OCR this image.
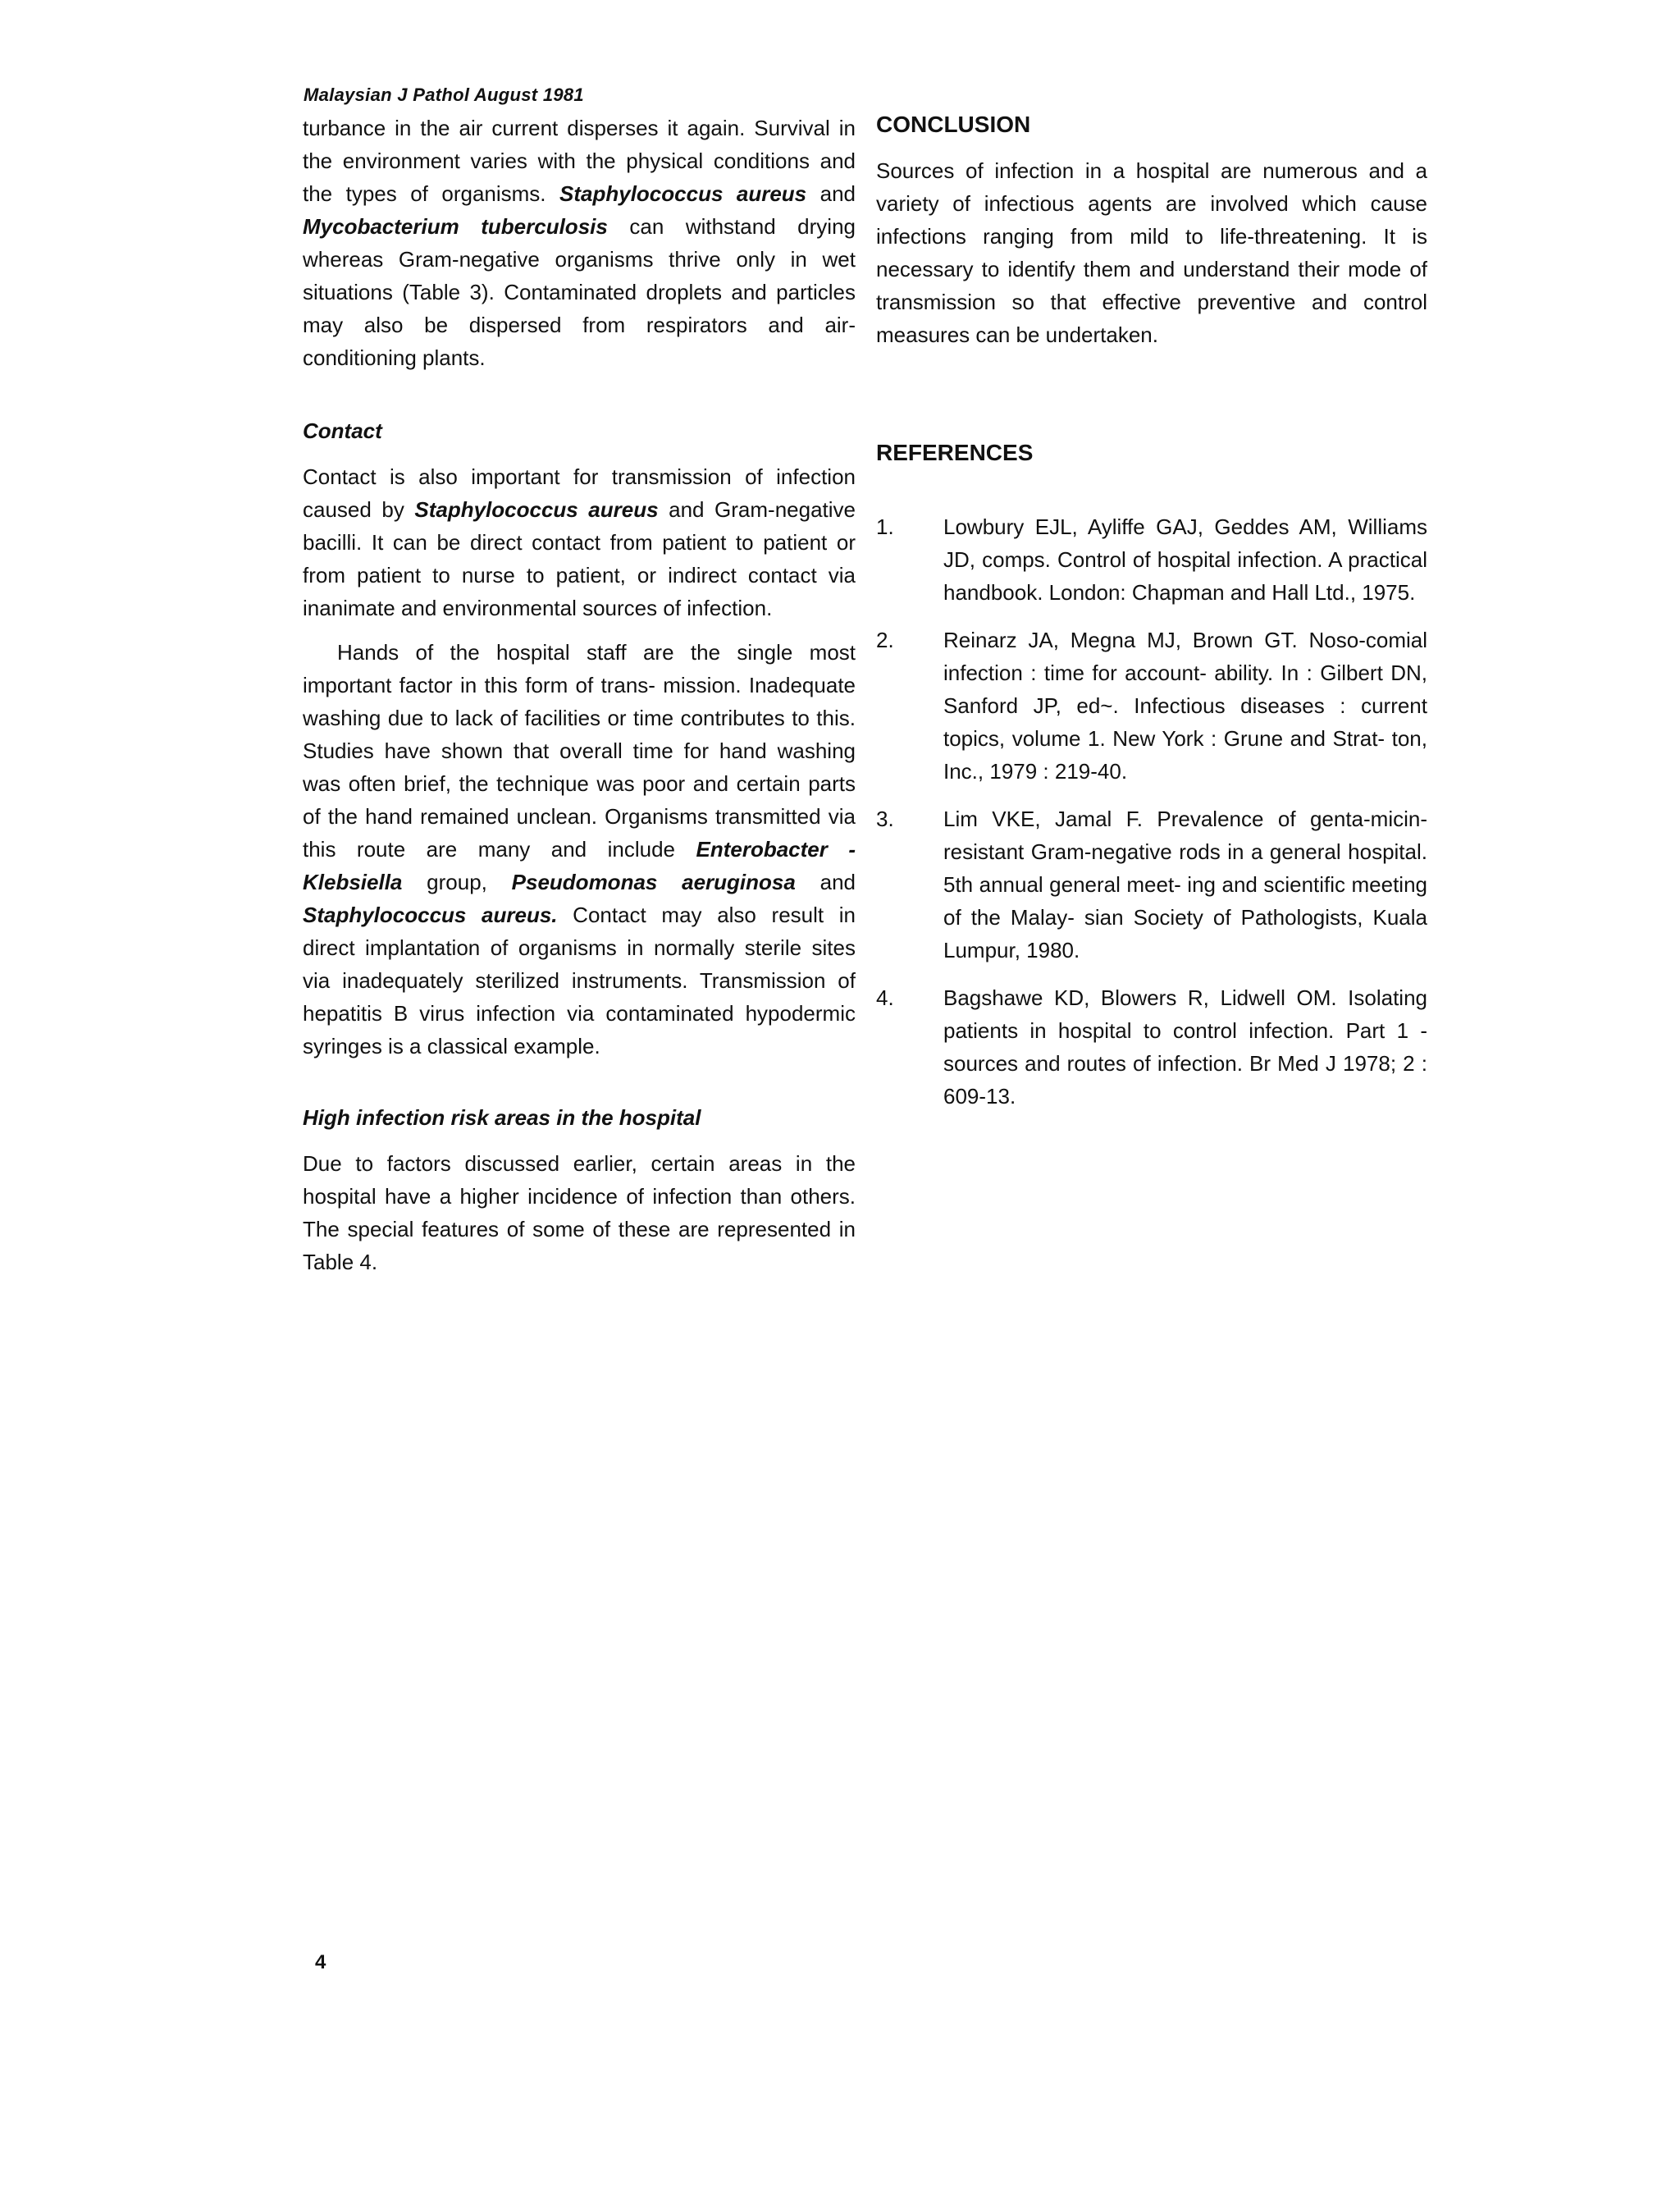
Malaysian J Pathol August 1981

turbance in the air current disperses it again. Survival in the environment varies with the physical conditions and the types of organisms. Staphylococcus aureus and Mycobacterium tuberculosis can withstand drying whereas Gram-negative organisms thrive only in wet situations (Table 3). Contaminated droplets and particles may also be dispersed from respirators and air-conditioning plants.

Contact

Contact is also important for transmission of infection caused by Staphylococcus aureus and Gram-negative bacilli. It can be direct contact from patient to patient or from patient to nurse to patient, or indirect contact via inanimate and environmental sources of infection.

Hands of the hospital staff are the single most important factor in this form of trans- mission. Inadequate washing due to lack of facilities or time contributes to this. Studies have shown that overall time for hand washing was often brief, the technique was poor and certain parts of the hand remained unclean. Organisms transmitted via this route are many and include Enterobacter - Klebsiella group, Pseudomonas aeruginosa and Staphylococcus aureus. Contact may also result in direct implantation of organisms in normally sterile sites via inadequately sterilized instruments. Transmission of hepatitis B virus infection via contaminated hypodermic syringes is a classical example.

High infection risk areas in the hospital

Due to factors discussed earlier, certain areas in the hospital have a higher incidence of infection than others. The special features of some of these are represented in Table 4.

CONCLUSION

Sources of infection in a hospital are numerous and a variety of infectious agents are involved which cause infections ranging from mild to life-threatening. It is necessary to identify them and understand their mode of transmission so that effective preventive and control measures can be undertaken.

REFERENCES
1.	Lowbury EJL, Ayliffe GAJ, Geddes AM, Williams JD, comps. Control of hospital infection. A practical handbook. London: Chapman and Hall Ltd., 1975.
2.	Reinarz JA, Megna MJ, Brown GT. Noso-comial infection : time for account- ability. In : Gilbert DN, Sanford JP, ed~. Infectious diseases : current topics, volume 1. New York : Grune and Strat- ton, Inc., 1979 : 219-40.
3.	Lim VKE, Jamal F. Prevalence of genta-micin-resistant Gram-negative rods in a general hospital. 5th annual general meet- ing and scientific meeting of the Malay- sian Society of Pathologists, Kuala Lumpur, 1980.
4.	Bagshawe KD, Blowers R, Lidwell OM. Isolating patients in hospital to control infection. Part 1 - sources and routes of infection. Br Med J 1978; 2 : 609-13.
4
